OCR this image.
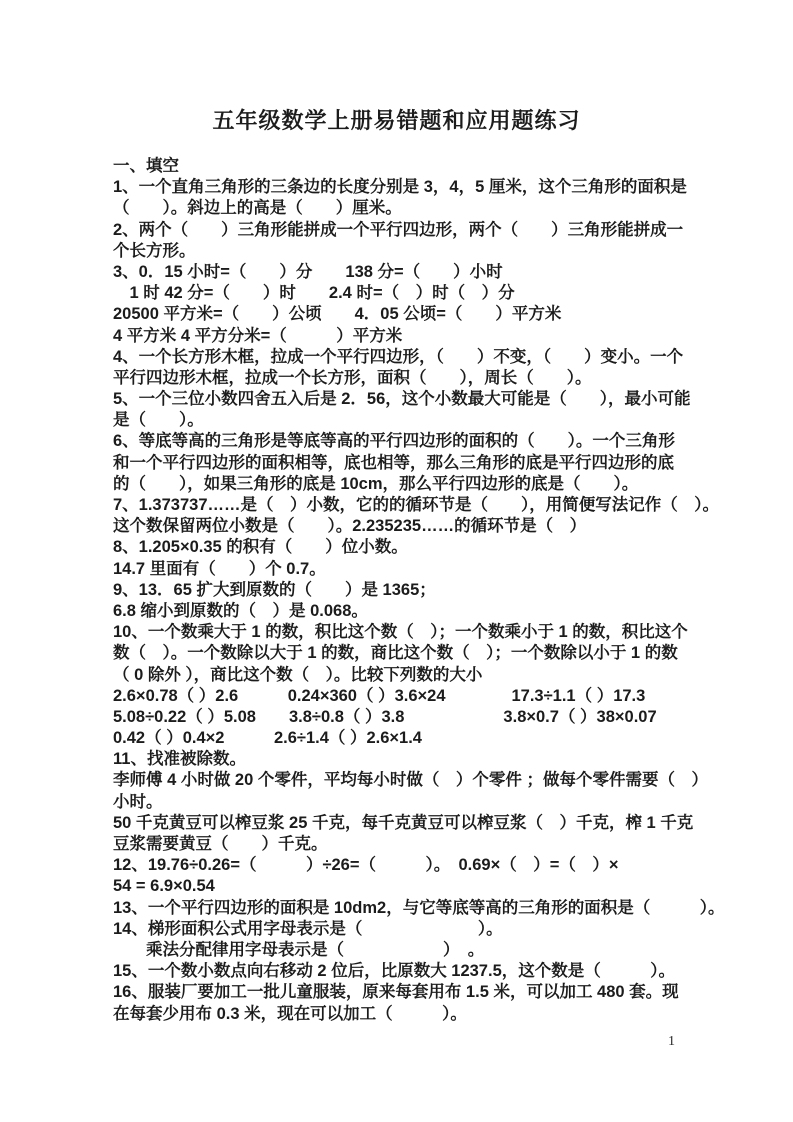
五年级数学上册易错题和应用题练习

一、填空

1、一个直角三角形的三条边的长度分别是 3，4，5 厘米，这个三角形的面积是

（　　）。斜边上的高是（　　）厘米。

2、两个（　　）三角形能拼成一个平行四边形，两个（　　）三角形能拼成一

个长方形。

3、0．15 小时=（　　）分　　138 分=（　　）小时

　1 时 42 分=（　　）时　　2.4 时=（　）时（　）分

20500 平方米=（　　）公顷　　4．05 公顷=（　　）平方米

4 平方米 4 平方分米=（　　　）平方米

4、一个长方形木框，拉成一个平行四边形，（　　）不变，（　　）变小。一个

平行四边形木框，拉成一个长方形，面积（　　），周长（　　）。

5、一个三位小数四舍五入后是 2．56，这个小数最大可能是（　　），最小可能

是（　　）。

6、等底等高的三角形是等底等高的平行四边形的面积的（　　）。一个三角形

和一个平行四边形的面积相等，底也相等，那么三角形的底是平行四边形的底

的（　　），如果三角形的底是 10cm，那么平行四边形的底是（　　）。

7、1.373737……是（　）小数，它的的循环节是（　　），用简便写法记作（　）。

这个数保留两位小数是（　　）。2.235235……的循环节是（　）

8、1.205×0.35 的积有（　　）位小数。

14.7 里面有（　　）个 0.7。

9、13．65 扩大到原数的（　　）是 1365；

6.8 缩小到原数的（　）是 0.068。

10、一个数乘大于 1 的数，积比这个数（　）；一个数乘小于 1 的数，积比这个

数（　）。一个数除以大于 1 的数，商比这个数（　）；一个数除以小于 1 的数

（ 0 除外 ），商比这个数（　）。比较下列数的大小

2.6×0.78（ ）2.6　　　0.24×360（ ）3.6×24　　　　17.3÷1.1（ ）17.3

5.08÷0.22（ ）5.08　　3.8÷0.8（ ）3.8　　　　　　3.8×0.7（ ）38×0.07

0.42（ ）0.4×2　　　2.6÷1.4（ ）2.6×1.4

11、找准被除数。

李师傅 4 小时做 20 个零件，平均每小时做（　）个零件 ；做每个零件需要（　）

小时。

50 千克黄豆可以榨豆浆 25 千克，每千克黄豆可以榨豆浆（　）千克，榨 1 千克

豆浆需要黄豆（　　）千克。

12、19.76÷0.26=（　　　）÷26=（　　　）。　0.69×（　）=（　）×

54 = 6.9×0.54

13、一个平行四边形的面积是 10dm2，与它等底等高的三角形的面积是（　　　）。

14、梯形面积公式用字母表示是（　　　　　　　）。

　　乘法分配律用字母表示是（　　　　　　）　。

15、一个数小数点向右移动 2 位后，比原数大 1237.5，这个数是（　　　）。

16、服装厂要加工一批儿童服装，原来每套用布 1.5 米，可以加工 480 套。现

在每套少用布 0.3 米，现在可以加工（　　　）。

1
